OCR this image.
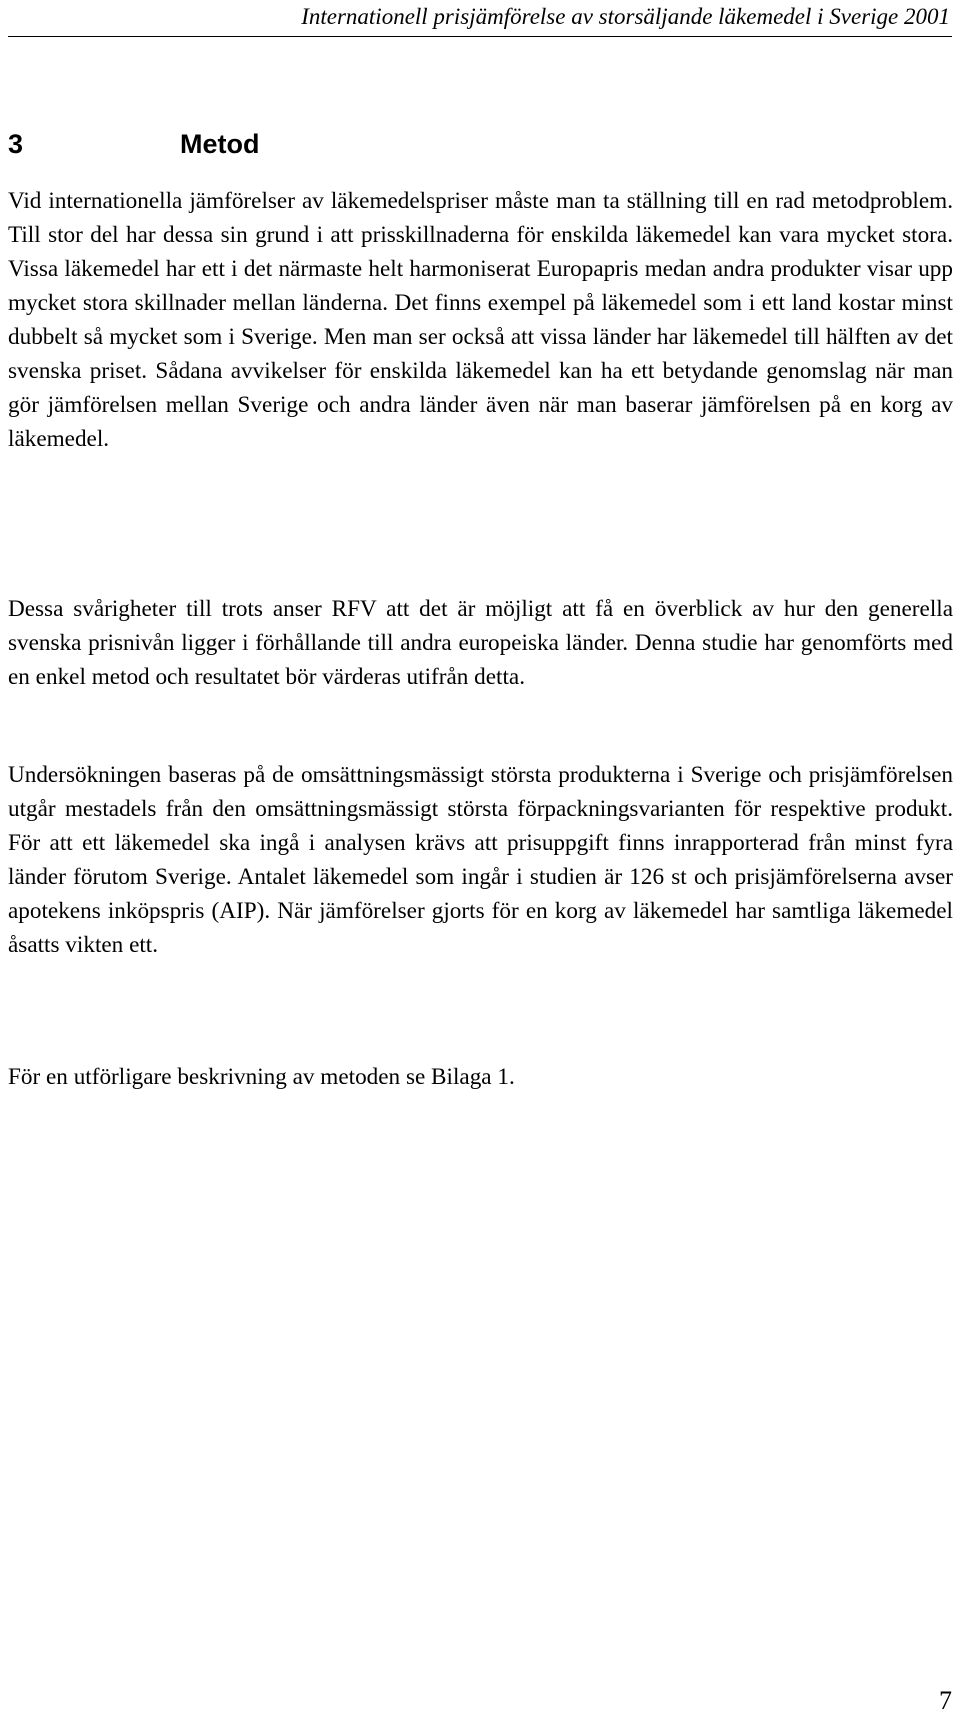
Internationell prisjämförelse av storsäljande läkemedel i Sverige 2001
3	Metod

Vid internationella jämförelser av läkemedelspriser måste man ta ställning till en rad metodproblem. Till stor del har dessa sin grund i att prisskillnaderna för enskilda läkemedel kan vara mycket stora. Vissa läkemedel har ett i det närmaste helt harmoniserat Europapris medan andra produkter visar upp mycket stora skillnader mellan länderna. Det finns exempel på läkemedel som i ett land kostar minst dubbelt så mycket som i Sverige. Men man ser också att vissa länder har läkemedel till hälften av det svenska priset. Sådana avvikelser för enskilda läkemedel kan ha ett betydande genomslag när man gör jämförelsen mellan Sverige och andra länder även när man baserar jämförelsen på en korg av läkemedel.

Dessa svårigheter till trots anser RFV att det är möjligt att få en överblick av hur den generella svenska prisnivån ligger i förhållande till andra europeiska länder. Denna studie har genomförts med en enkel metod och resultatet bör värderas utifrån detta.

Undersökningen baseras på de omsättningsmässigt största produkterna i Sverige och prisjämförelsen utgår mestadels från den omsättningsmässigt största förpackningsvarianten för respektive produkt. För att ett läkemedel ska ingå i analysen krävs att prisuppgift finns inrapporterad från minst fyra länder förutom Sverige. Antalet läkemedel som ingår i studien är 126 st och prisjämförelserna avser apotekens inköpspris (AIP). När jämförelser gjorts för en korg av läkemedel har samtliga läkemedel åsatts vikten ett.

För en utförligare beskrivning av metoden se Bilaga 1.

7
